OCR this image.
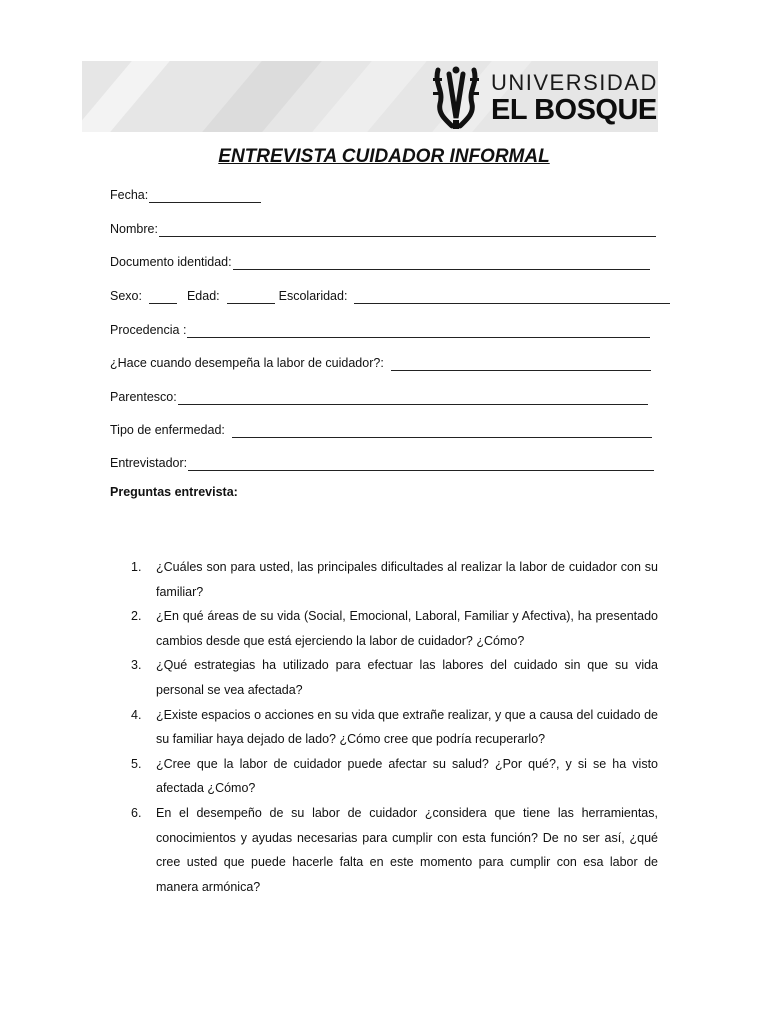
UNIVERSIDAD
EL BOSQUE
ENTREVISTA CUIDADOR INFORMAL
Fecha:
Nombre:
Documento identidad:
Sexo:	Edad:	Escolaridad:
Procedencia :
¿Hace cuando desempeña la labor de cuidador?:
Parentesco:
Tipo de enfermedad:
Entrevistador:
Preguntas entrevista:
1.	¿Cuáles son para usted, las principales dificultades al realizar la labor de cuidador con su familiar?
2.	¿En qué áreas de su vida (Social, Emocional, Laboral, Familiar y Afectiva), ha presentado cambios desde que está ejerciendo la labor de cuidador? ¿Cómo?
3.	¿Qué estrategias ha utilizado para efectuar las labores del cuidado sin que su vida personal se vea afectada?
4.	¿Existe espacios o acciones en su vida que extrañe realizar, y que a causa del cuidado de su familiar haya dejado de lado? ¿Cómo cree que podría recuperarlo?
5.	¿Cree que la labor de cuidador puede afectar su salud? ¿Por qué?, y si se ha visto afectada ¿Cómo?
6.	En el desempeño de su labor de cuidador ¿considera que tiene las herramientas, conocimientos y ayudas necesarias para cumplir con esta función? De no ser así, ¿qué cree usted que puede hacerle falta en este momento para cumplir con esa labor de manera armónica?
